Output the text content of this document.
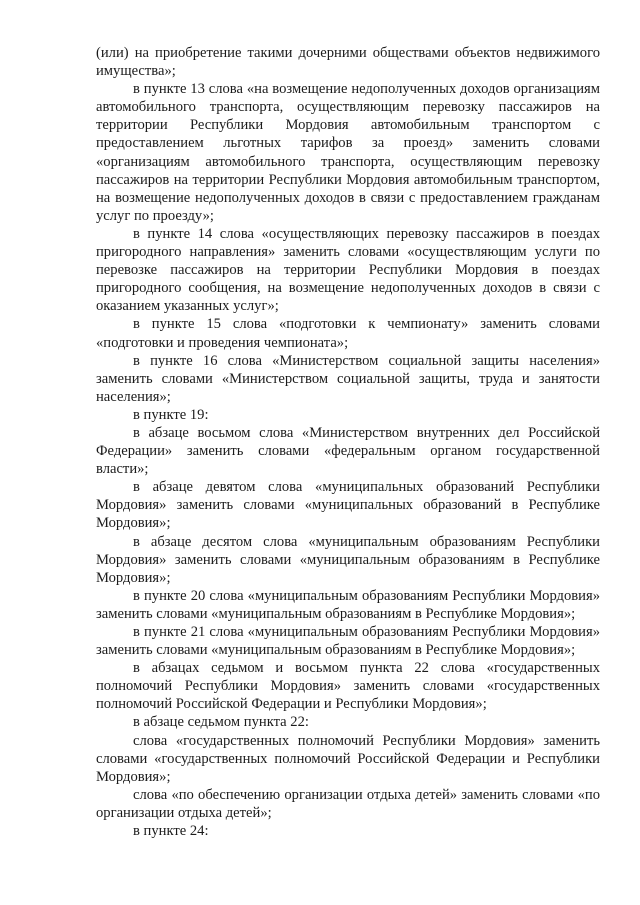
(или) на приобретение такими дочерними обществами объектов недвижимого имущества»;

в пункте 13 слова «на возмещение недополученных доходов организациям автомобильного транспорта, осуществляющим перевозку пассажиров на территории Республики Мордовия автомобильным транспортом с предоставлением льготных тарифов за проезд» заменить словами «организациям автомобильного транспорта, осуществляющим перевозку пассажиров на территории Республики Мордовия автомобильным транспортом, на возмещение недополученных доходов в связи с предоставлением гражданам услуг по проезду»;

в пункте 14 слова «осуществляющих перевозку пассажиров в поездах пригородного направления» заменить словами «осуществляющим услуги по перевозке пассажиров на территории Республики Мордовия в поездах пригородного сообщения, на возмещение недополученных доходов в связи с оказанием указанных услуг»;

в пункте 15 слова «подготовки к чемпионату» заменить словами «подготовки и проведения чемпионата»;

в пункте 16 слова «Министерством социальной защиты населения» заменить словами «Министерством социальной защиты, труда и занятости населения»;

в пункте 19:

в абзаце восьмом слова «Министерством внутренних дел Российской Федерации» заменить словами «федеральным органом государственной власти»;

в абзаце девятом слова «муниципальных образований Республики Мордовия» заменить словами «муниципальных образований в Республике Мордовия»;

в абзаце десятом слова «муниципальным образованиям Республики Мордовия» заменить словами «муниципальным образованиям в Республике Мордовия»;

в пункте 20 слова «муниципальным образованиям Республики Мордовия» заменить словами «муниципальным образованиям в Республике Мордовия»;

в пункте 21 слова «муниципальным образованиям Республики Мордовия» заменить словами «муниципальным образованиям в Республике Мордовия»;

в абзацах седьмом и восьмом пункта 22 слова «государственных полномочий Республики Мордовия» заменить словами «государственных полномочий Российской Федерации и Республики Мордовия»;

в абзаце седьмом пункта 22:

слова «государственных полномочий Республики Мордовия» заменить словами «государственных полномочий Российской Федерации и Республики Мордовия»;

слова «по обеспечению организации отдыха детей» заменить словами «по организации отдыха детей»;

в пункте 24:
